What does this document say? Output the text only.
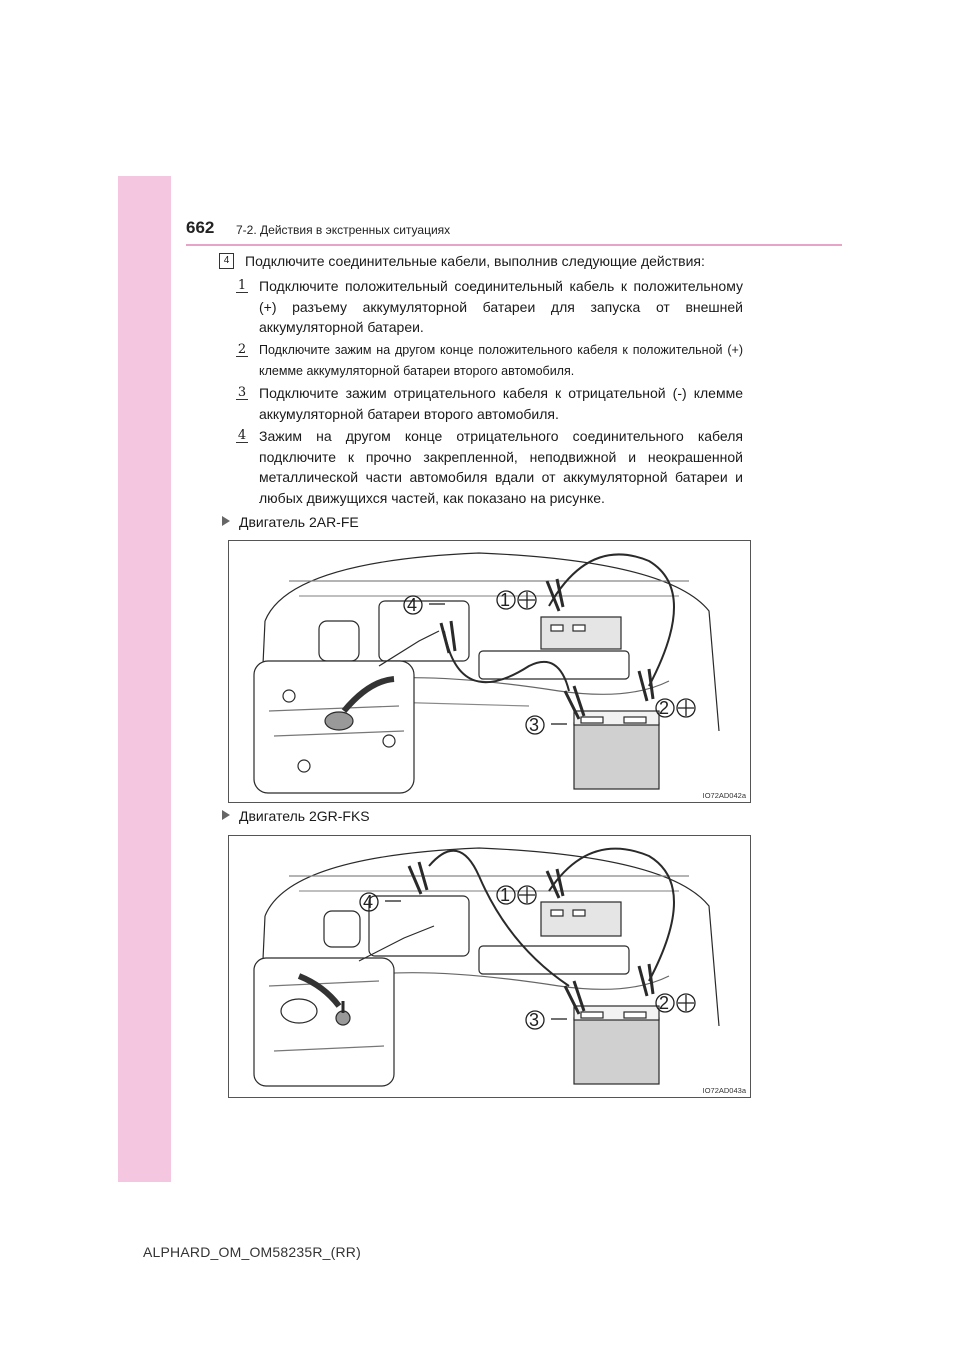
662 7-2. Действия в экстренных ситуациях
4	Подключите соединительные кабели, выполнив следующие действия:
1 Подключите положительный соединительный кабель к положительному (+) разъему аккумуляторной батареи для запуска от внешней аккумуляторной батареи.
2 Подключите зажим на другом конце положительного кабеля к положительной (+) клемме аккумуляторной батареи второго автомобиля.
3 Подключите зажим отрицательного кабеля к отрицательной (-) клемме аккумуляторной батареи второго автомобиля.
4 Зажим на другом конце отрицательного соединительного кабеля подключите к прочно закрепленной, неподвижной и неокрашенной металлической части автомобиля вдали от аккумуляторной батареи и любых движущихся частей, как показано на рисунке.
Двигатель 2AR-FE
4	1
2
3
IO72AD042a
Двигатель 2GR-FKS
4	1
2
3
IO72AD043a
ALPHARD_OM_OM58235R_(RR)
